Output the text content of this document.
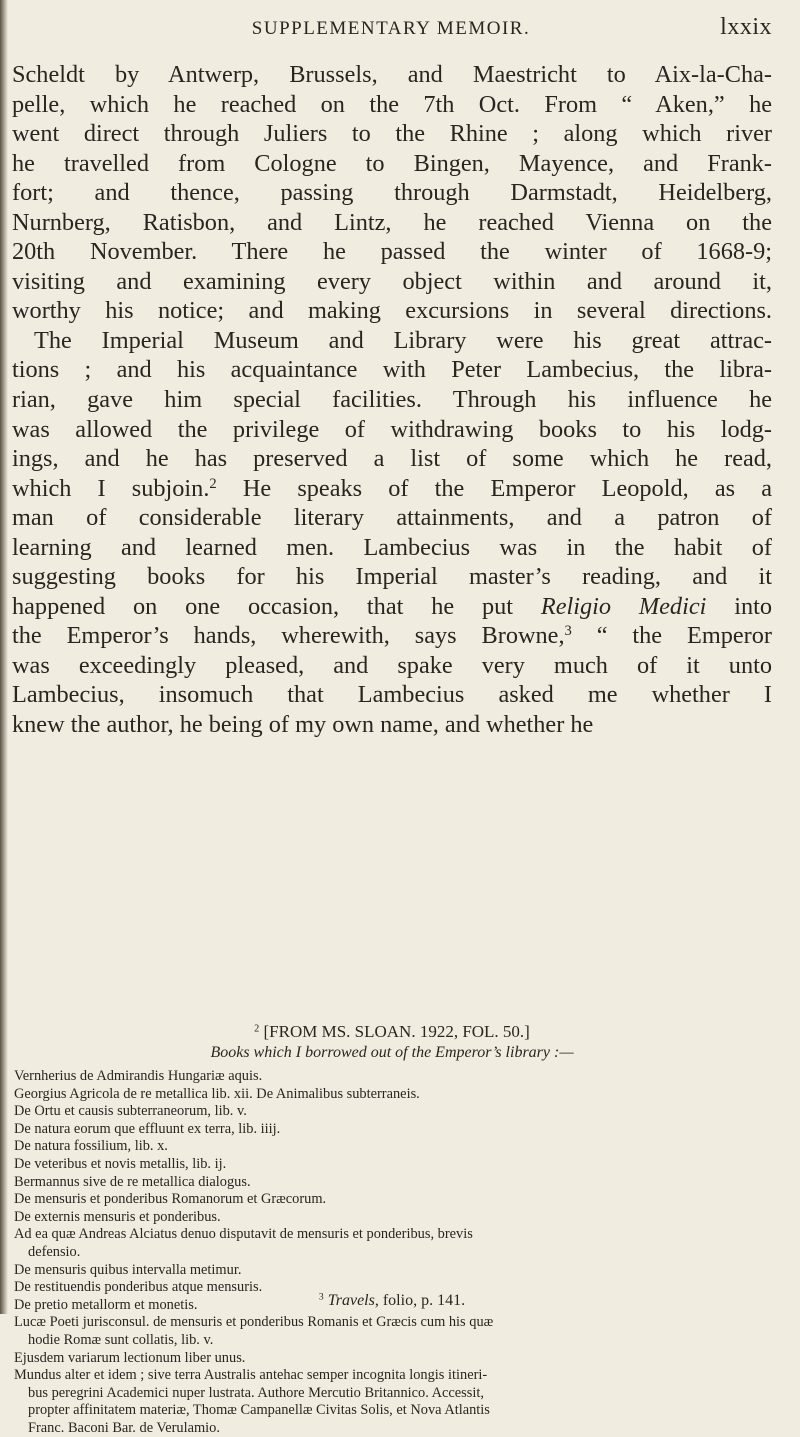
SUPPLEMENTARY MEMOIR.	lxxix
Scheldt by Antwerp, Brussels, and Maestricht to Aix-la-Cha-
pelle, which he reached on the 7th Oct. From “ Aken,” he
went direct through Juliers to the Rhine ; along which river
he travelled from Cologne to Bingen, Mayence, and Frank-
fort; and thence, passing through Darmstadt, Heidelberg,
Nurnberg, Ratisbon, and Lintz, he reached Vienna on the
20th November. There he passed the winter of 1668-9;
visiting and examining every object within and around it,
worthy his notice; and making excursions in several directions.
The Imperial Museum and Library were his great attrac-
tions ; and his acquaintance with Peter Lambecius, the libra-
rian, gave him special facilities. Through his influence he
was allowed the privilege of withdrawing books to his lodg-
ings, and he has preserved a list of some which he read,
which I subjoin.$^2$ He speaks of the Emperor Leopold, as a
man of considerable literary attainments, and a patron of
learning and learned men. Lambecius was in the habit of
suggesting books for his Imperial master’s reading, and it
happened on one occasion, that he put Religio Medici into
the Emperor’s hands, wherewith, says Browne,$^3$ “ the Emperor
was exceedingly pleased, and spake very much of it unto
Lambecius, insomuch that Lambecius asked me whether I
knew the author, he being of my own name, and whether he
$^2$ [FROM MS. SLOAN. 1922, FOL. 50.]
Books which I borrowed out of the Emperor’s library :—
Vernherius de Admirandis Hungariæ aquis.
Georgius Agricola de re metallica lib. xii. De Animalibus subterraneis.
De Ortu et causis subterraneorum, lib. v.
De natura eorum que effluunt ex terra, lib. iiij.
De natura fossilium, lib. x.
De veteribus et novis metallis, lib. ij.
Bermannus sive de re metallica dialogus.
De mensuris et ponderibus Romanorum et Græcorum.
De externis mensuris et ponderibus.
Ad ea quæ Andreas Alciatus denuo disputavit de mensuris et ponderibus, brevis
defensio.
De mensuris quibus intervalla metimur.
De restituendis ponderibus atque mensuris.
De pretio metallorm et monetis.
Lucæ Poeti jurisconsul. de mensuris et ponderibus Romanis et Græcis cum his quæ
hodie Romæ sunt collatis, lib. v.
Ejusdem variarum lectionum liber unus.
Mundus alter et idem ; sive terra Australis antehac semper incognita longis itineri-
bus peregrini Academici nuper lustrata. Authore Mercutio Britannico. Accessit,
propter affinitatem materiæ, Thomæ Campanellæ Civitas Solis, et Nova Atlantis
Franc. Baconi Bar. de Verulamio.
$^3$ Travels, folio, p. 141.
